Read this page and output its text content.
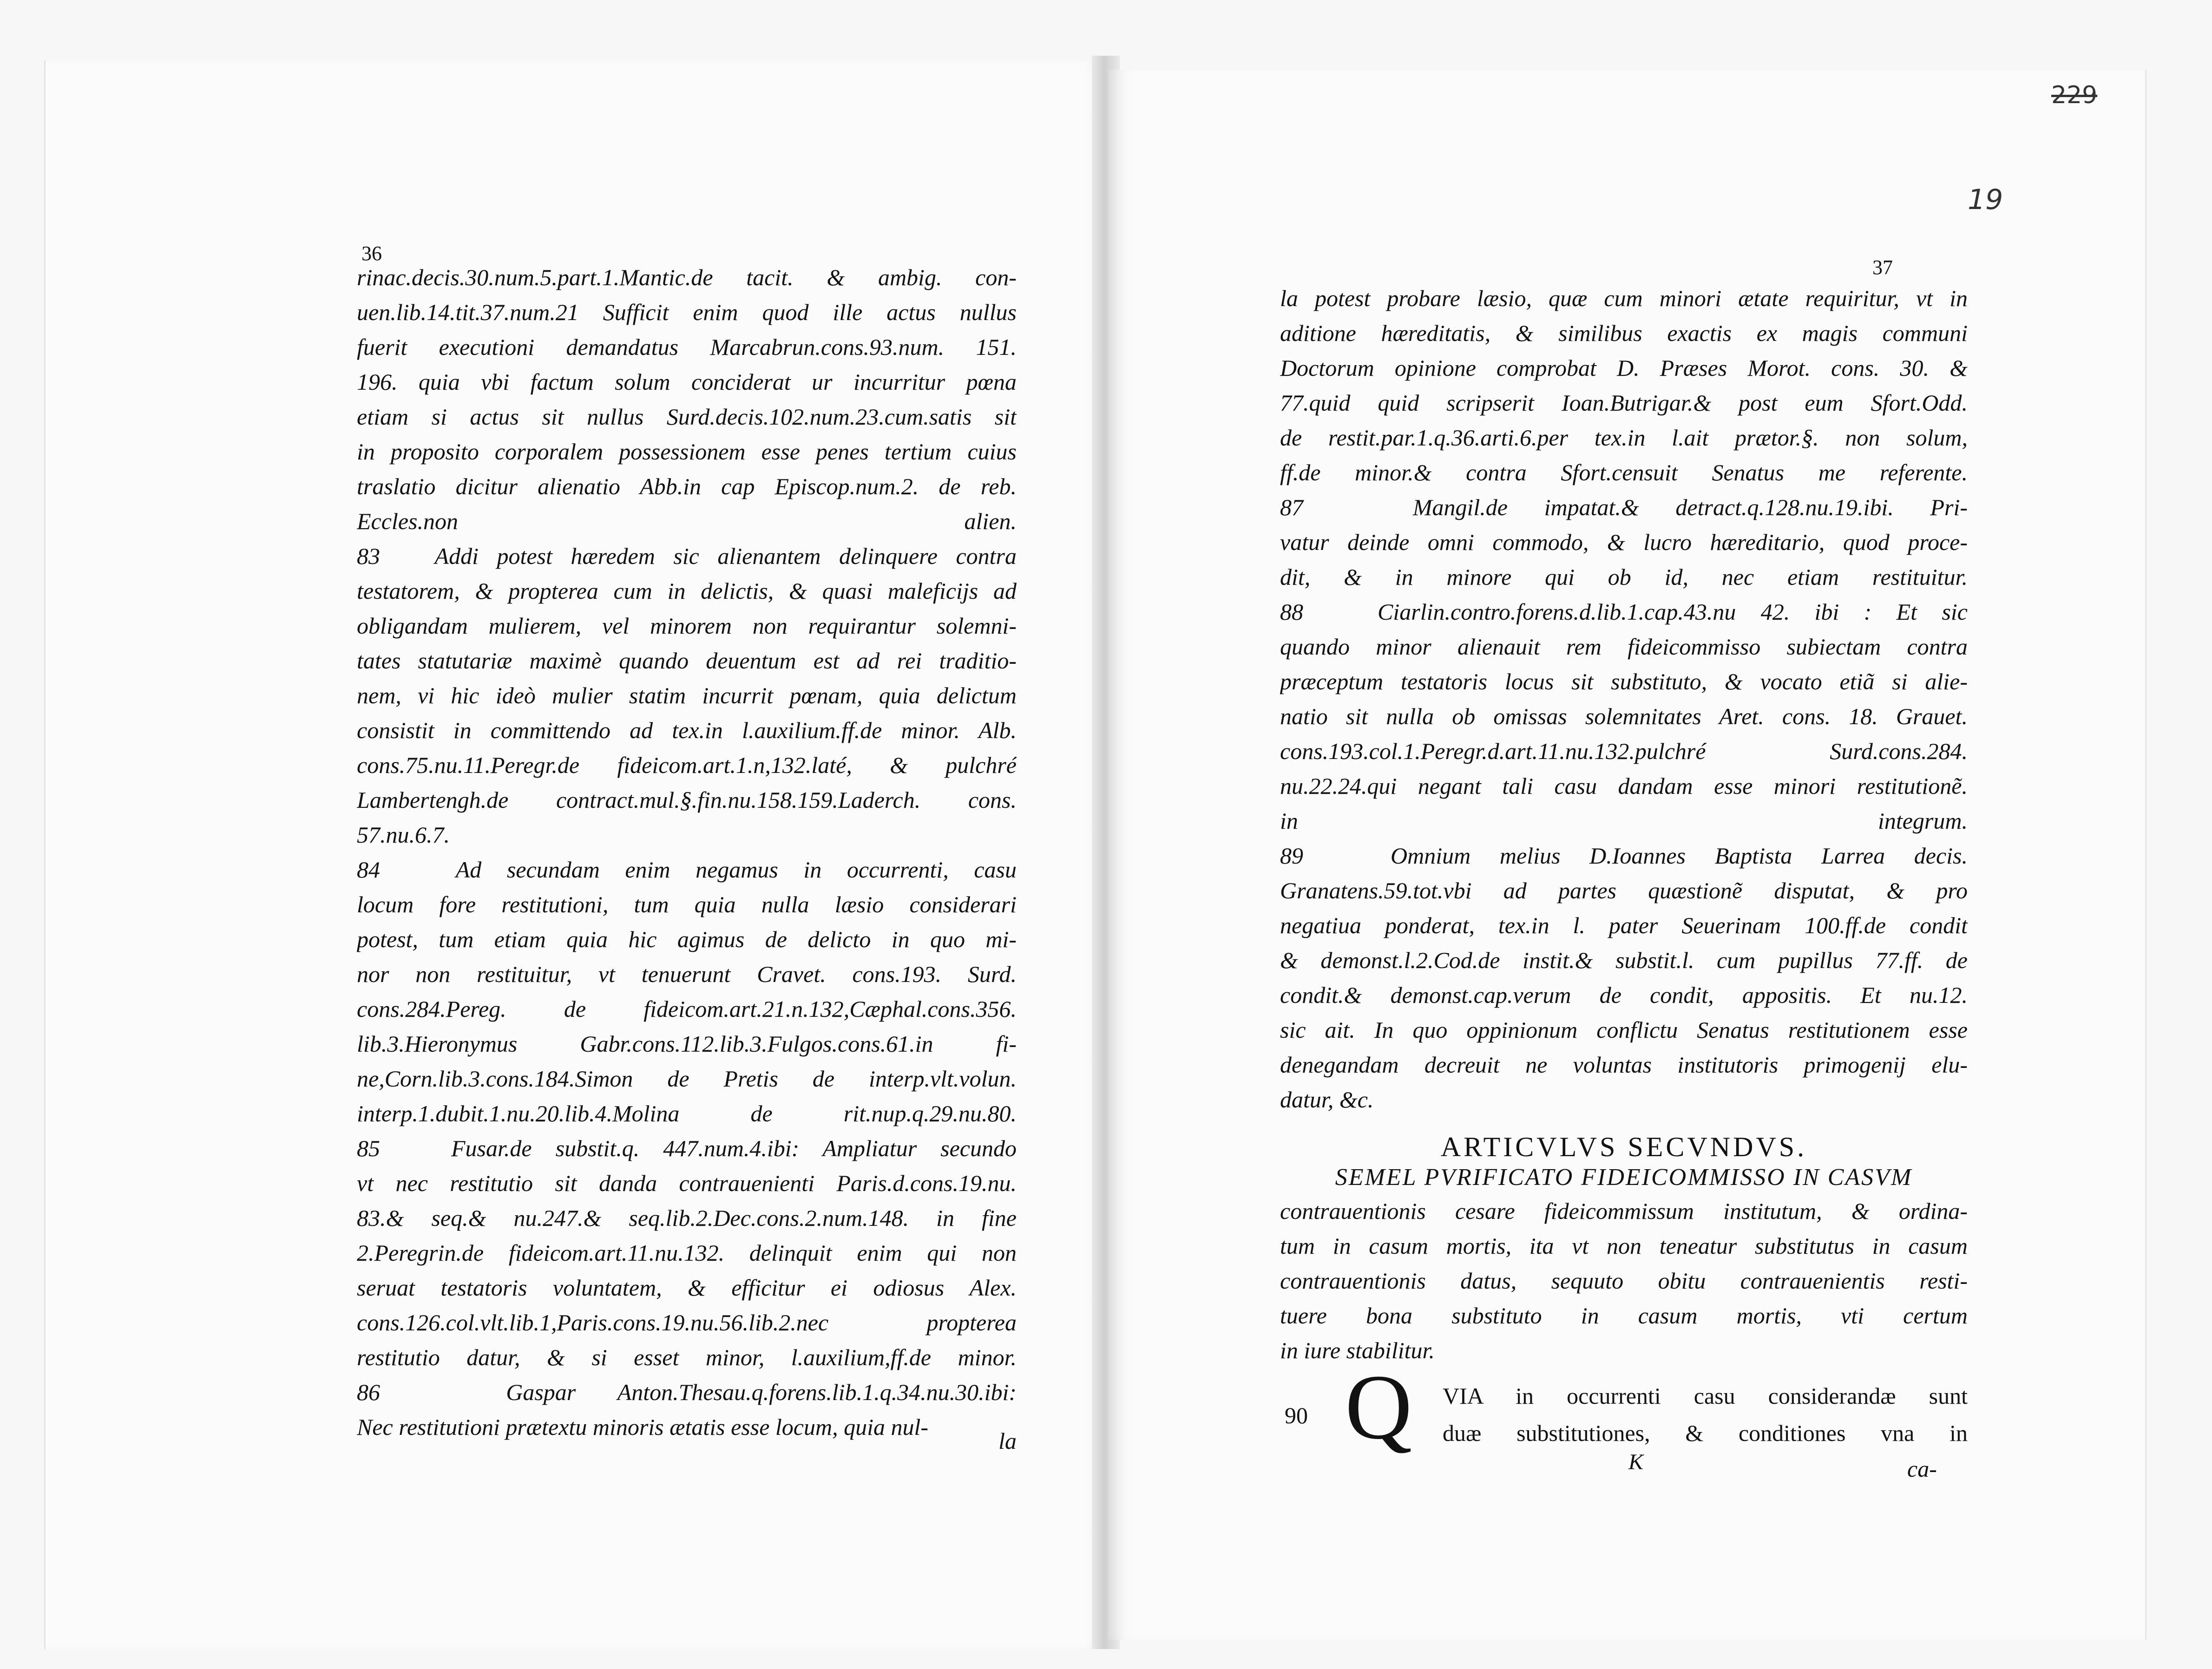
36
rinac.decis.30.num.5.part.1.Mantic.de tacit. & ambig. con-
uen.lib.14.tit.37.num.21 Sufficit enim quod ille actus nullus
fuerit executioni demandatus Marcabrun.cons.93.num. 151.
196. quia vbi factum solum conciderat ur incurritur pœna
etiam si actus sit nullus Surd.decis.102.num.23.cum.satis sit
in proposito corporalem possessionem esse penes tertium cuius
traslatio dicitur alienatio Abb.in cap Episcop.num.2. de reb.
Eccles.non alien.
83   Addi potest hæredem sic alienantem delinquere contra
testatorem, & propterea cum in delictis, & quasi maleficijs ad
obligandam mulierem, vel minorem non requirantur solemni-
tates statutariæ maximè quando deuentum est ad rei traditio-
nem, vi hic ideò mulier statim incurrit pœnam, quia delictum
consistit in committendo ad tex.in l.auxilium.ff.de minor. Alb.
cons.75.nu.11.Peregr.de fideicom.art.1.n,132.laté, & pulchré
Lambertengh.de contract.mul.§.fin.nu.158.159.Laderch. cons.
57.nu.6.7.
84   Ad secundam enim negamus in occurrenti, casu
locum fore restitutioni, tum quia nulla læsio considerari
potest, tum etiam quia hic agimus de delicto in quo mi-
nor non restituitur, vt tenuerunt Cravet. cons.193. Surd.
cons.284.Pereg. de fideicom.art.21.n.132,Cæphal.cons.356.
lib.3.Hieronymus Gabr.cons.112.lib.3.Fulgos.cons.61.in fi-
ne,Corn.lib.3.cons.184.Simon de Pretis de interp.vlt.volun.
interp.1.dubit.1.nu.20.lib.4.Molina de rit.nup.q.29.nu.80.
85   Fusar.de substit.q. 447.num.4.ibi: Ampliatur secundo
vt nec restitutio sit danda contrauenienti Paris.d.cons.19.nu.
83.& seq.& nu.247.& seq.lib.2.Dec.cons.2.num.148. in fine
2.Peregrin.de fideicom.art.11.nu.132. delinquit enim qui non
seruat testatoris voluntatem, & efficitur ei odiosus Alex.
cons.126.col.vlt.lib.1,Paris.cons.19.nu.56.lib.2.nec propterea
restitutio datur, & si esset minor, l.auxilium,ff.de minor.
86   Gaspar Anton.Thesau.q.forens.lib.1.q.34.nu.30.ibi:
Nec restitutioni prætextu minoris ætatis esse locum, quia nul-
la
229
19
37
la potest probare læsio, quæ cum minori ætate requiritur, vt in
aditione hæreditatis, & similibus exactis ex magis communi
Doctorum opinione comprobat D. Præses Morot. cons. 30. &
77.quid quid scripserit Ioan.Butrigar.& post eum Sfort.Odd.
de restit.par.1.q.36.arti.6.per tex.in l.ait prætor.§. non solum,
ff.de minor.& contra Sfort.censuit Senatus me referente.
87   Mangil.de impatat.& detract.q.128.nu.19.ibi. Pri-
vatur deinde omni commodo, & lucro hæreditario, quod proce-
dit, & in minore qui ob id, nec etiam restituitur.
88   Ciarlin.contro.forens.d.lib.1.cap.43.nu 42. ibi : Et sic
quando minor alienauit rem fideicommisso subiectam contra
præceptum testatoris locus sit substituto, & vocato etiã si alie-
natio sit nulla ob omissas solemnitates Aret. cons. 18. Grauet.
cons.193.col.1.Peregr.d.art.11.nu.132.pulchré Surd.cons.284.
nu.22.24.qui negant tali casu dandam esse minori restitutionẽ.
in integrum.
89   Omnium melius D.Ioannes Baptista Larrea decis.
Granatens.59.tot.vbi ad partes quæstionẽ disputat, & pro
negatiua ponderat, tex.in l. pater Seuerinam 100.ff.de condit
& demonst.l.2.Cod.de instit.& substit.l. cum pupillus 77.ff. de
condit.& demonst.cap.verum de condit, appositis. Et nu.12.
sic ait. In quo oppinionum conflictu Senatus restitutionem esse
denegandam decreuit ne voluntas institutoris primogenij elu-
datur, &c.
ARTICVLVS SECVNDVS.
SEMEL PVRIFICATO FIDEICOMMISSO IN CASVM
contrauentionis cesare fideicommissum institutum, & ordina-
tum in casum mortis, ita vt non teneatur substitutus in casum
contrauentionis datus, sequuto obitu contrauenientis resti-
tuere bona substituto in casum mortis, vti certum
in iure stabilitur.
90 Q VIA in occurrenti casu considerandæ sunt
duæ substitutiones, & conditiones vna in
K	ca-
